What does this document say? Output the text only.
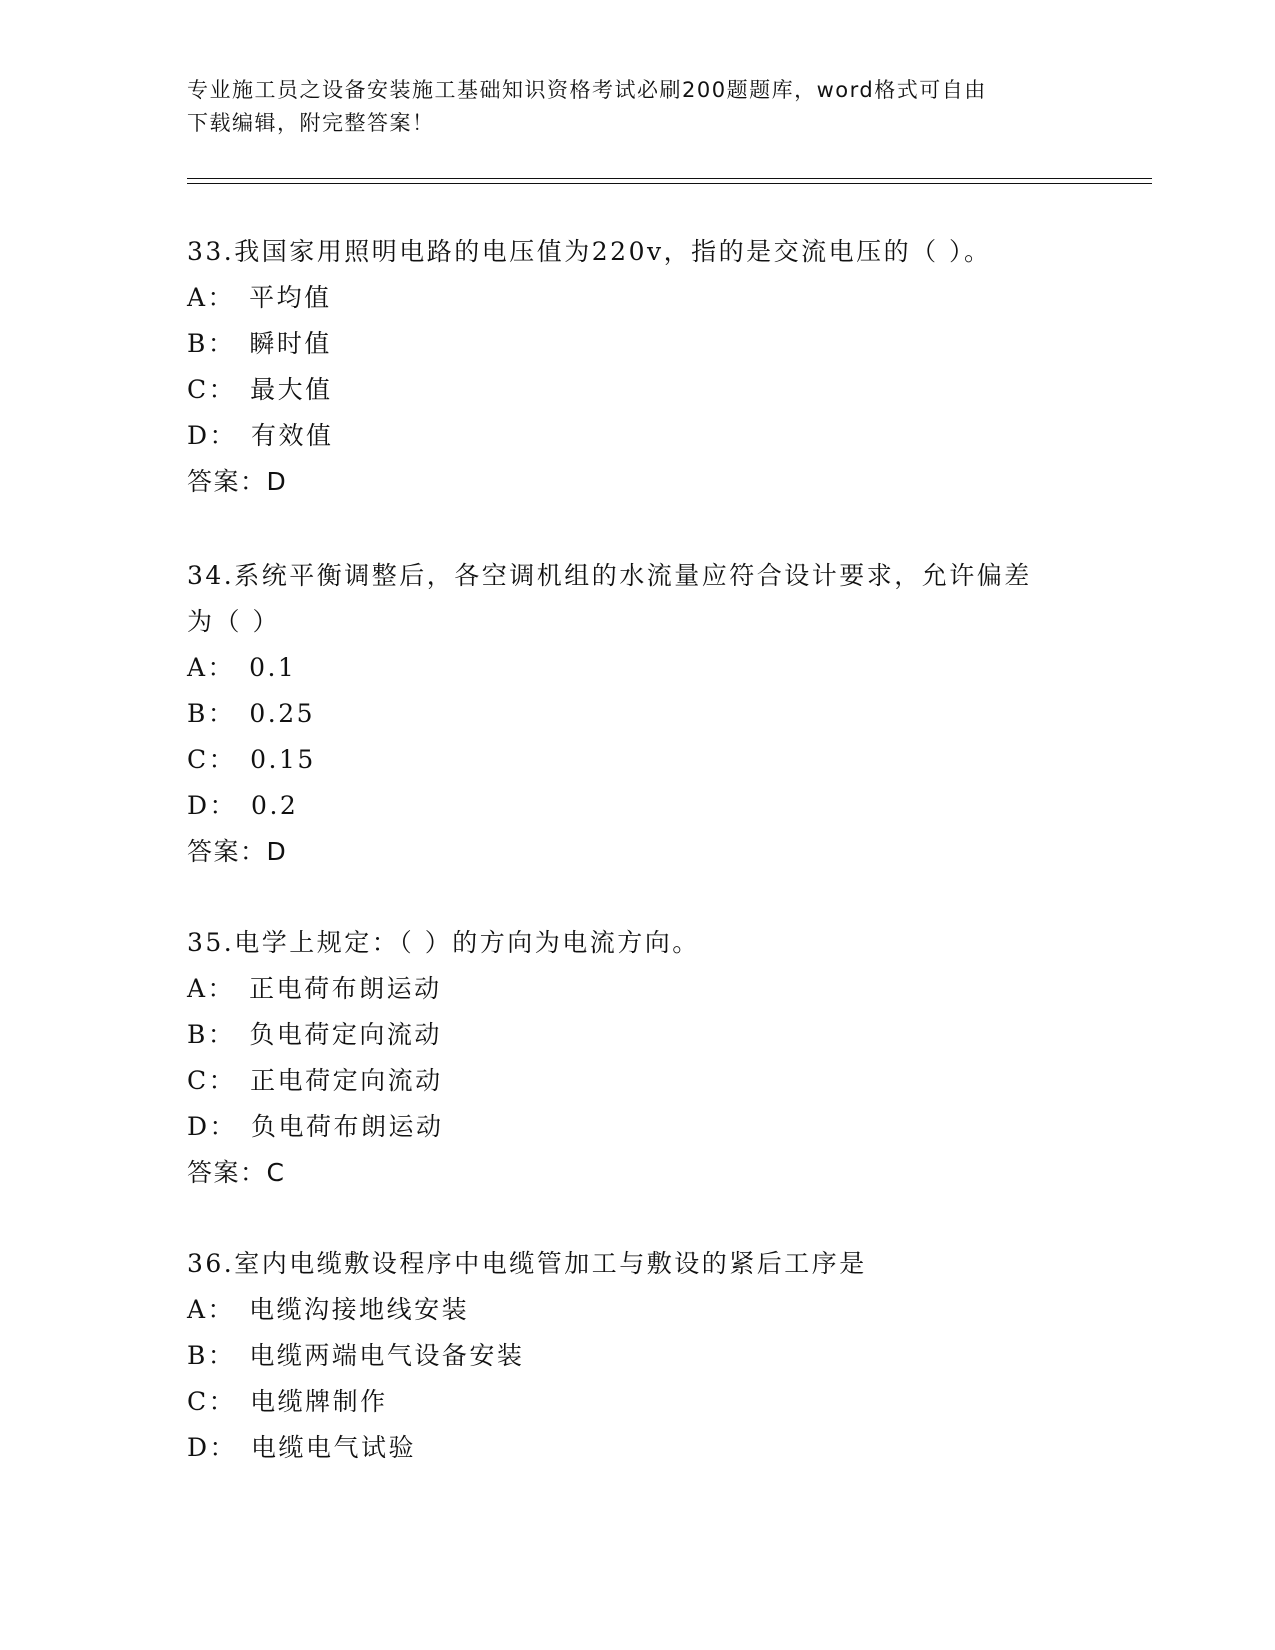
专业施工员之设备安装施工基础知识资格考试必刷200题题库，word格式可自由
下载编辑，附完整答案！
33.我国家用照明电路的电压值为220v，指的是交流电压的（ ）。
A： 平均值
B： 瞬时值
C： 最大值
D： 有效值
答案：D
34.系统平衡调整后，各空调机组的水流量应符合设计要求，允许偏差
为（ ）
A： 0.1
B： 0.25
C： 0.15
D： 0.2
答案：D
35.电学上规定：（ ）的方向为电流方向。
A： 正电荷布朗运动
B： 负电荷定向流动
C： 正电荷定向流动
D： 负电荷布朗运动
答案：C
36.室内电缆敷设程序中电缆管加工与敷设的紧后工序是
A： 电缆沟接地线安装
B： 电缆两端电气设备安装
C： 电缆牌制作
D： 电缆电气试验
